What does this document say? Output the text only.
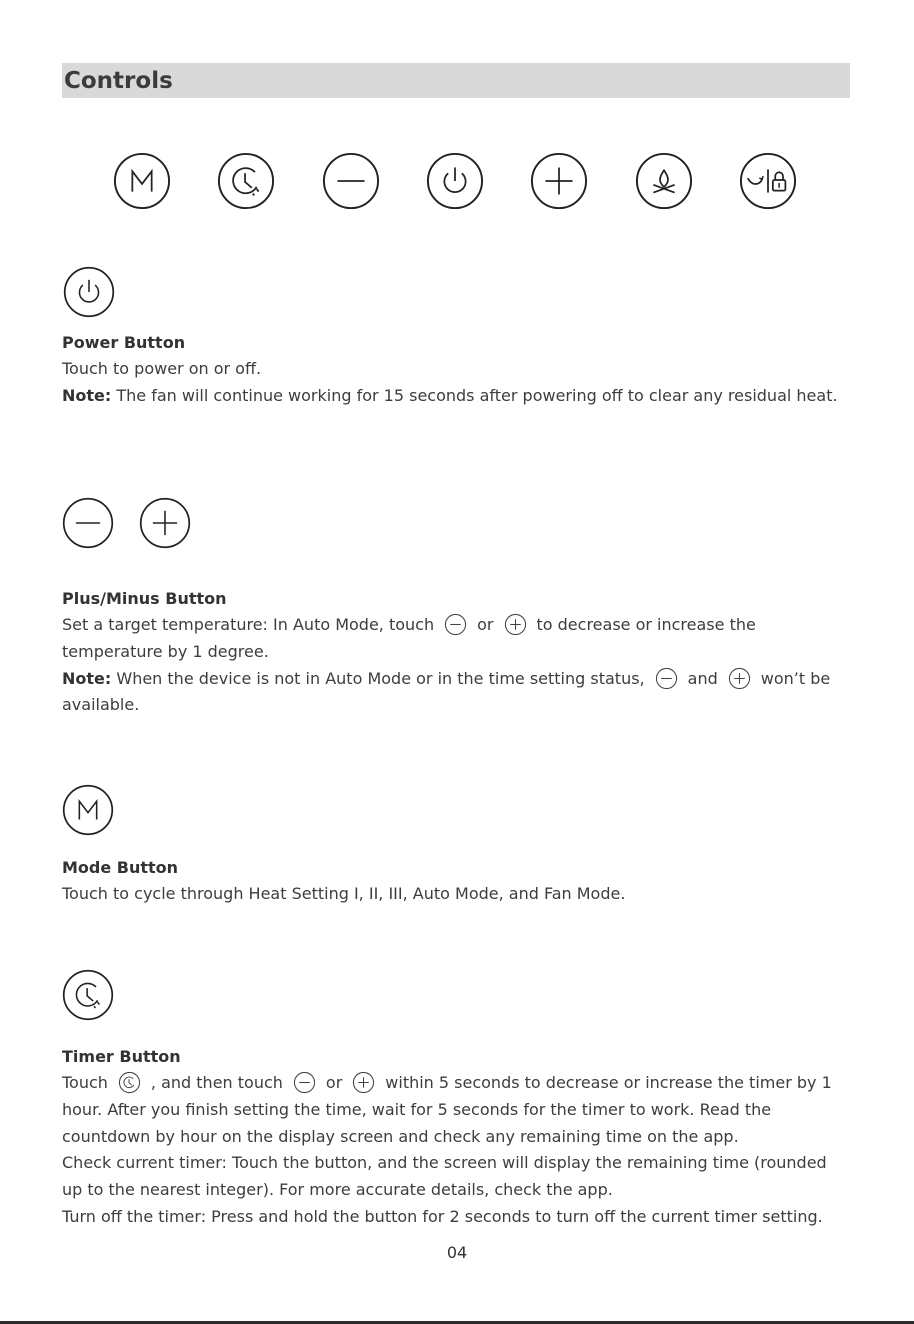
Controls
Power Button
Touch to power on or off.
Note: The fan will continue working for 15 seconds after powering off to clear any residual heat.
Plus/Minus Button
Set a target temperature: In Auto Mode, touch	or	to decrease or increase the temperature by 1 degree.
Note: When the device is not in Auto Mode or in the time setting status,	and	won’t be available.
Mode Button
Touch to cycle through Heat Setting I, II, III, Auto Mode, and Fan Mode.
Timer Button
Touch	, and then touch	or	within 5 seconds to decrease or increase the timer by 1 hour. After you finish setting the time, wait for 5 seconds for the timer to work. Read the countdown by hour on the display screen and check any remaining time on the app.
Check current timer: Touch the button, and the screen will display the remaining time (rounded up to the nearest integer). For more accurate details, check the app.
Turn off the timer: Press and hold the button for 2 seconds to turn off the current timer setting.
04
